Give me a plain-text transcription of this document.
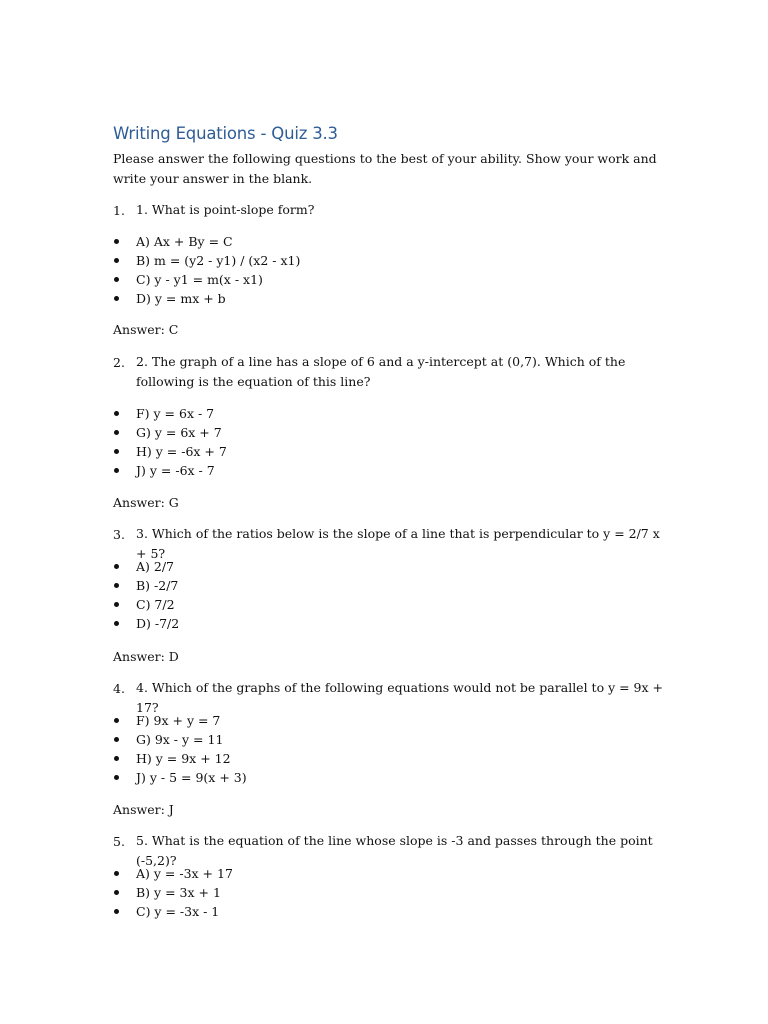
Writing Equations - Quiz 3.3
Please answer the following questions to the best of your ability. Show your work and write your answer in the blank.
1. 1. What is point-slope form?
A) Ax + By = C
B) m = (y2 - y1) / (x2 - x1)
C) y - y1 = m(x - x1)
D) y = mx + b
Answer: C
2. 2. The graph of a line has a slope of 6 and a y-intercept at (0,7). Which of the following is the equation of this line?
F) y = 6x - 7
G) y = 6x + 7
H) y = -6x + 7
J) y = -6x - 7
Answer: G
3. 3. Which of the ratios below is the slope of a line that is perpendicular to y = 2/7 x + 5?
A) 2/7
B) -2/7
C) 7/2
D) -7/2
Answer: D
4. 4. Which of the graphs of the following equations would not be parallel to y = 9x + 17?
F) 9x + y = 7
G) 9x - y = 11
H) y = 9x + 12
J) y - 5 = 9(x + 3)
Answer: J
5. 5. What is the equation of the line whose slope is -3 and passes through the point (-5,2)?
A) y = -3x + 17
B) y = 3x + 1
C) y = -3x - 1
